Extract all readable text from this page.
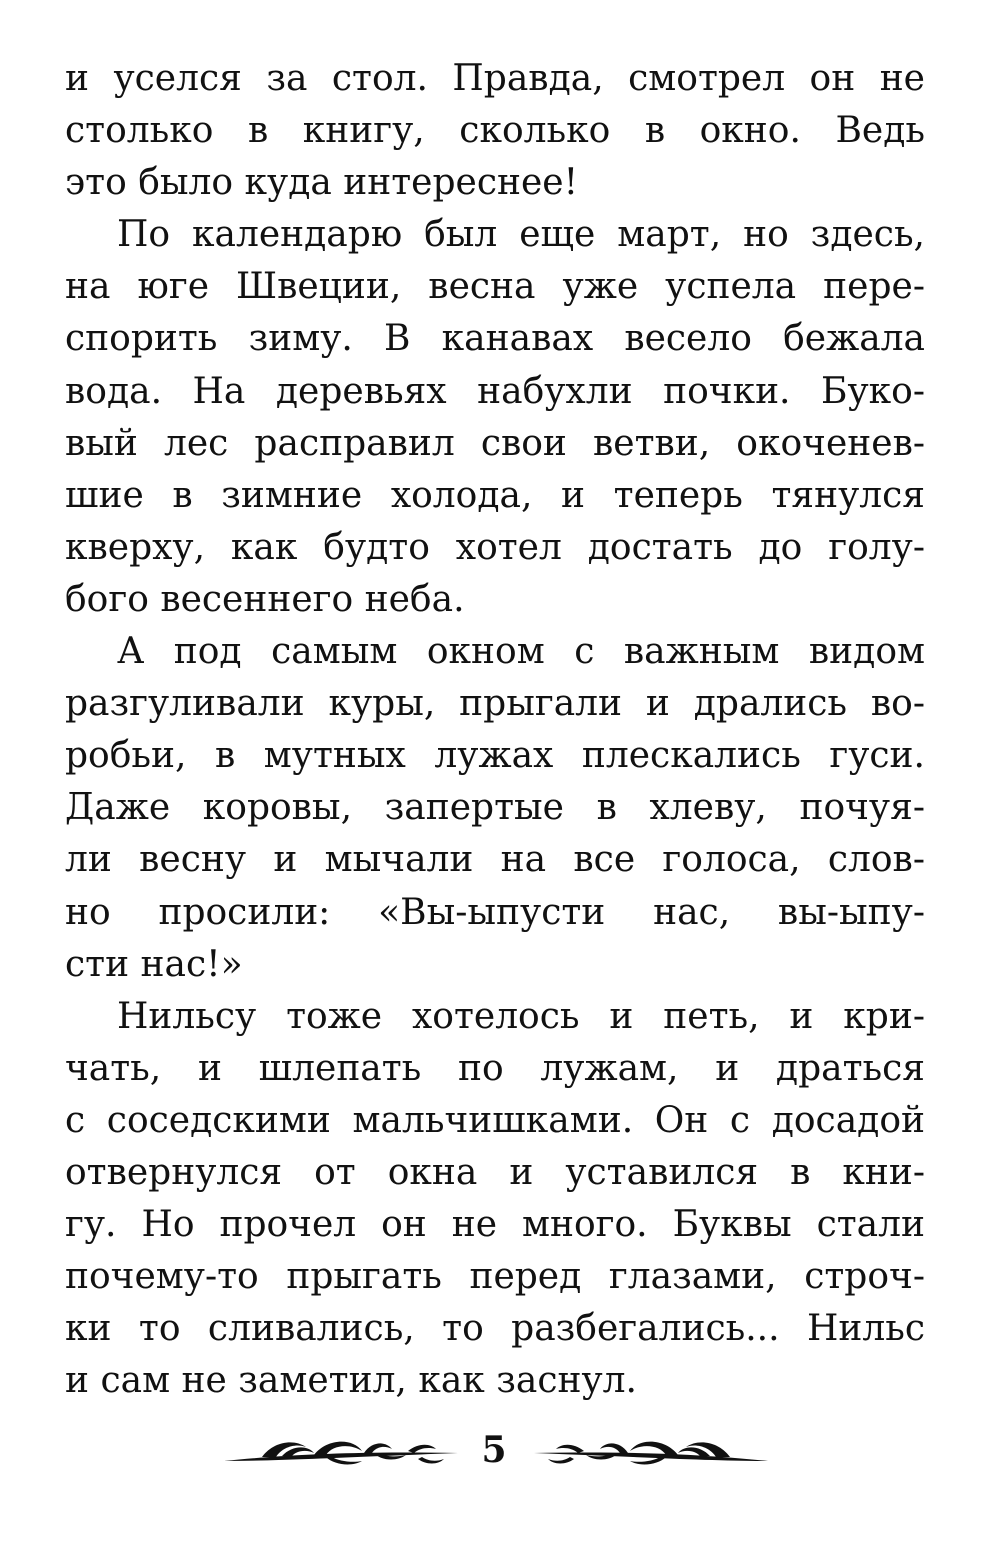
и уселся за стол. Правда, смотрел он не
столько в книгу, сколько в окно. Ведь
это было куда интереснее!
По календарю был еще март, но здесь,
на юге Швеции, весна уже успела пере-
спорить зиму. В канавах весело бежала
вода. На деревьях набухли почки. Буко-
вый лес расправил свои ветви, окоченев-
шие в зимние холода, и теперь тянулся
кверху, как будто хотел достать до голу-
бого весеннего неба.
А под самым окном с важным видом
разгуливали куры, прыгали и дрались во-
робьи, в мутных лужах плескались гуси.
Даже коровы, запертые в хлеву, почуя-
ли весну и мычали на все голоса, слов-
но просили: «Вы-ыпусти нас, вы-ыпу-
сти нас!»
Нильсу тоже хотелось и петь, и кри-
чать, и шлепать по лужам, и драться
с соседскими мальчишками. Он с досадой
отвернулся от окна и уставился в кни-
гу. Но прочел он не много. Буквы стали
почему-то прыгать перед глазами, строч-
ки то сливались, то разбегались... Нильс
и сам не заметил, как заснул.
5
